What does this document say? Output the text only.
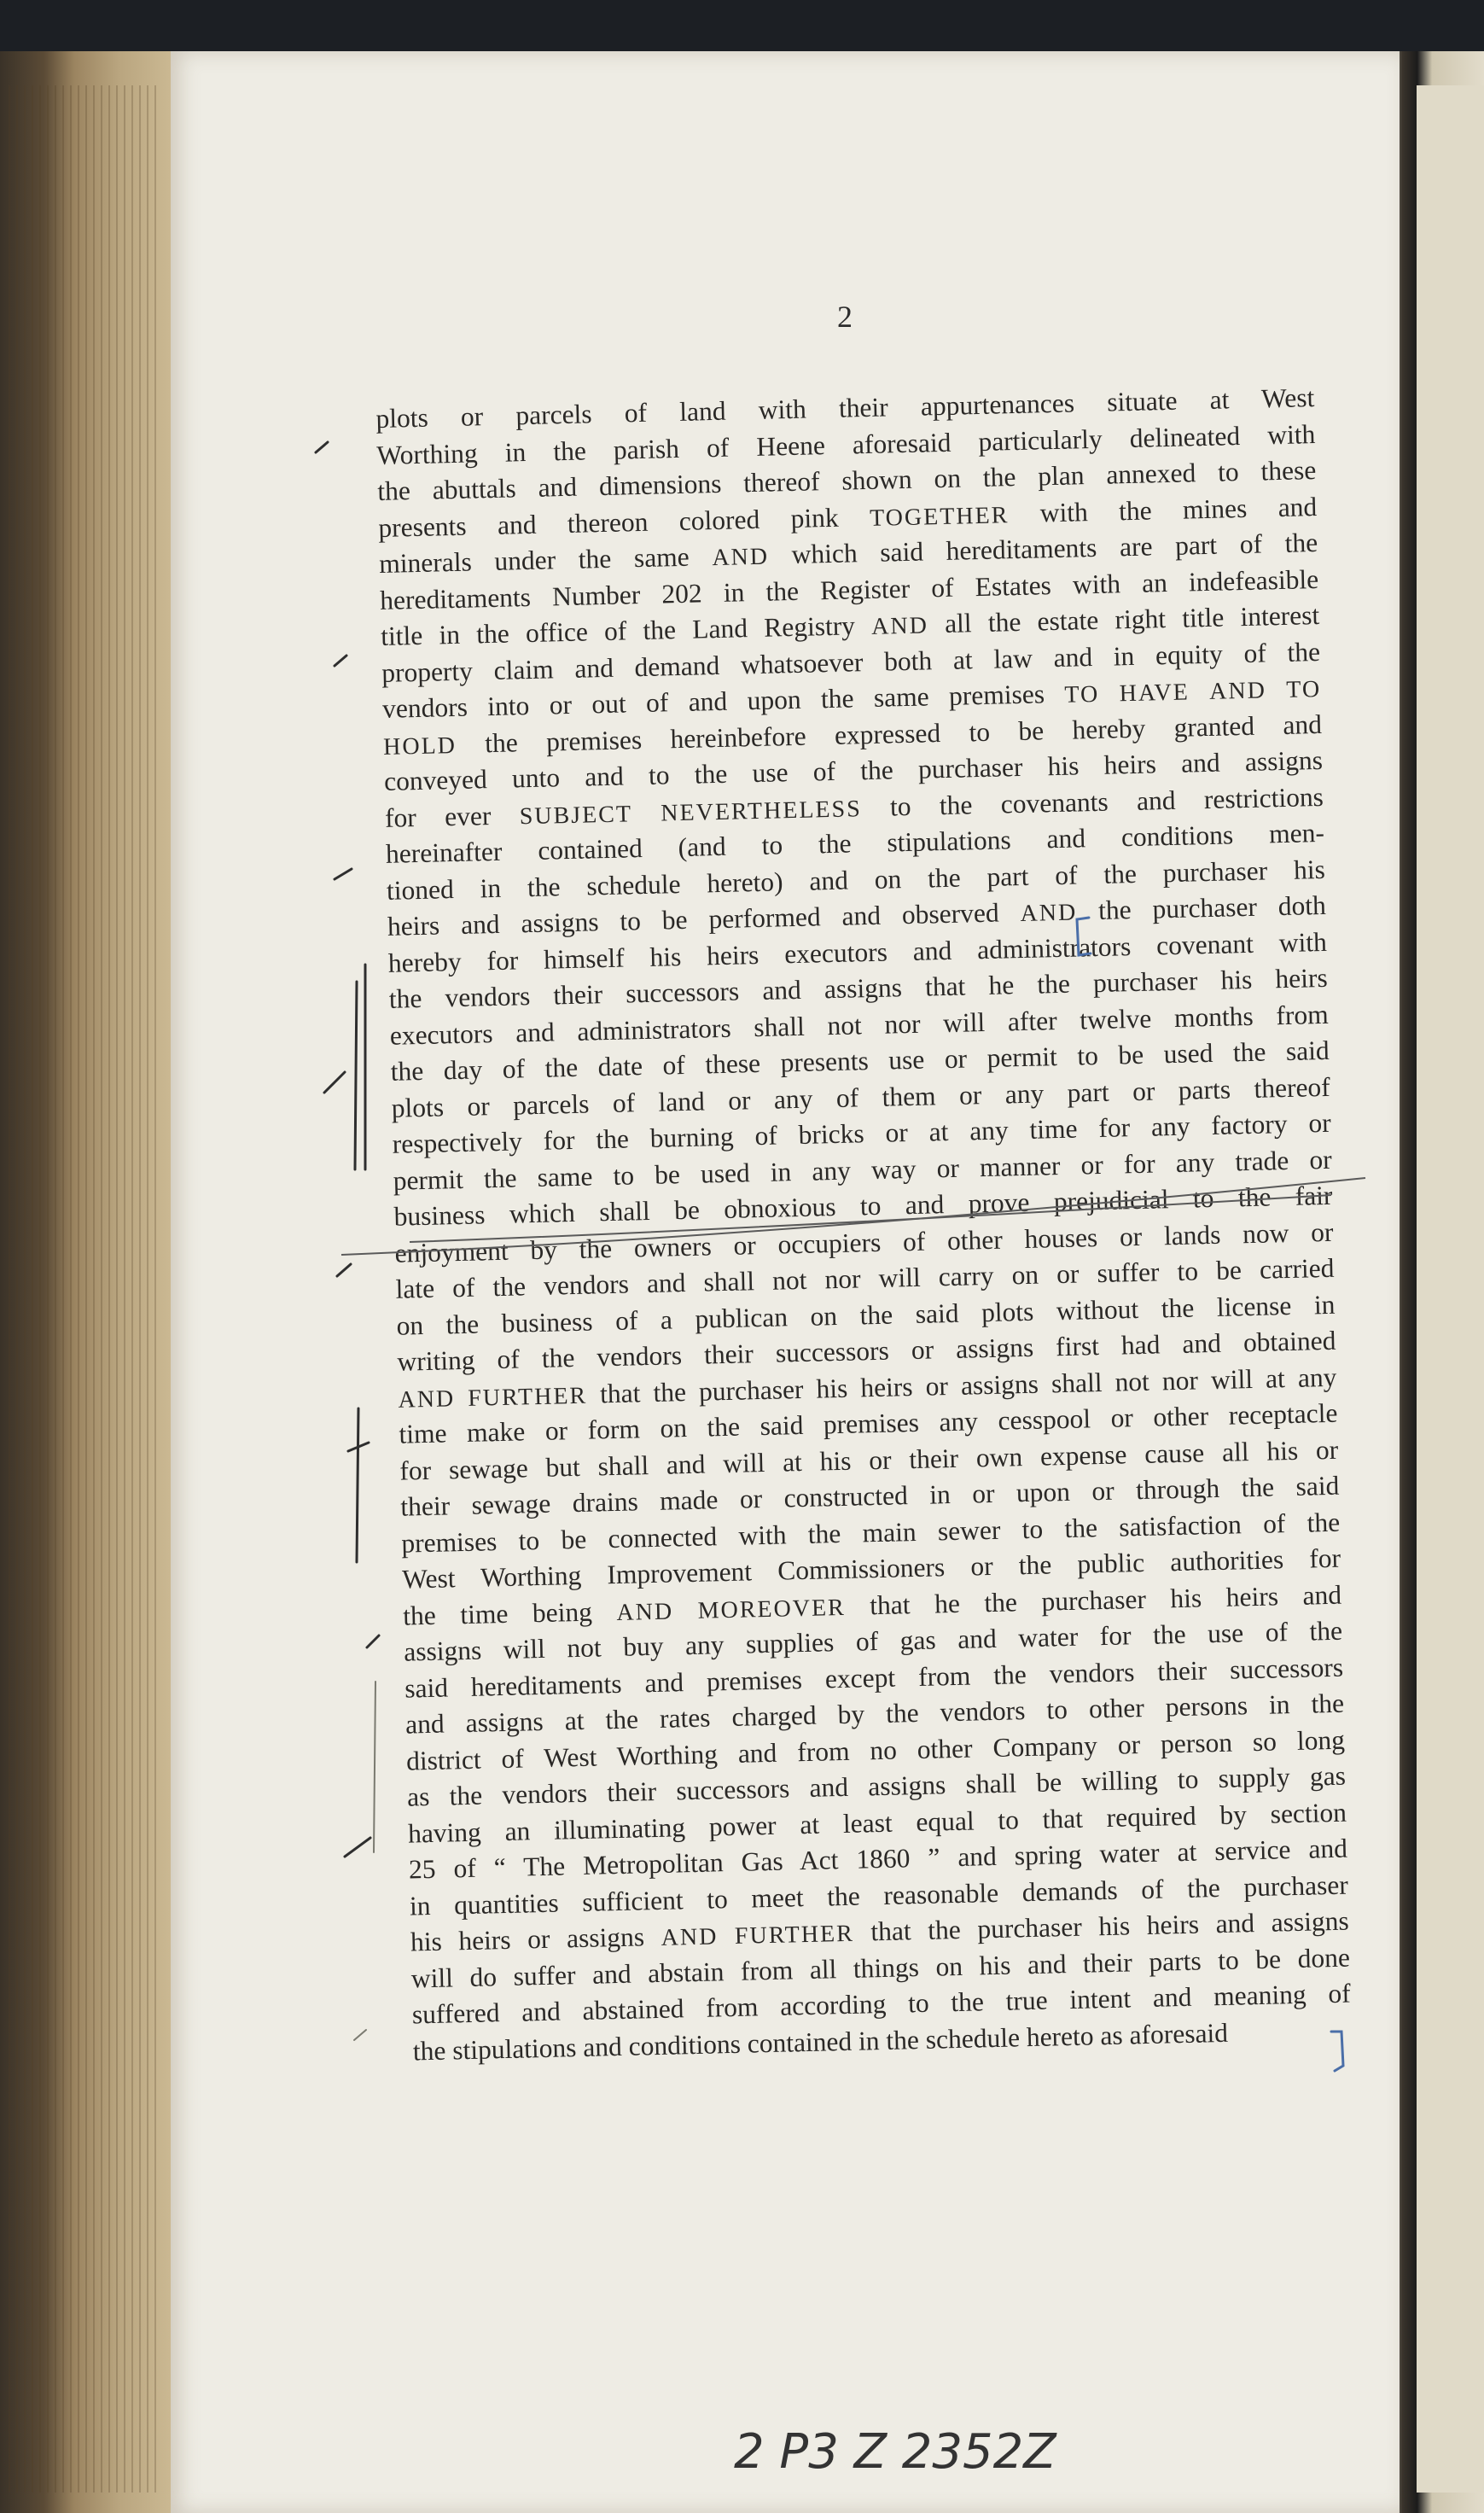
2
plots or parcels of land with their appurtenances situate at West
Worthing in the parish of Heene aforesaid particularly delineated with
the abuttals and dimensions thereof shown on the plan annexed to these
presents and thereon colored pink TOGETHER with the mines and
minerals under the same AND which said hereditaments are part of the
hereditaments Number 202 in the Register of Estates with an indefeasible
title in the office of the Land Registry AND all the estate right title interest
property claim and demand whatsoever both at law and in equity of the
vendors into or out of and upon the same premises TO HAVE AND TO
HOLD the premises hereinbefore expressed to be hereby granted and
conveyed unto and to the use of the purchaser his heirs and assigns
for ever SUBJECT NEVERTHELESS to the covenants and restrictions
hereinafter contained (and to the stipulations and conditions men-
tioned in the schedule hereto) and on the part of the purchaser his
heirs and assigns to be performed and observed AND the purchaser doth
hereby for himself his heirs executors and administrators covenant with
the vendors their successors and assigns that he the purchaser his heirs
executors and administrators shall not nor will after twelve months from
the day of the date of these presents use or permit to be used the said
plots or parcels of land or any of them or any part or parts thereof
respectively for the burning of bricks or at any time for any factory or
permit the same to be used in any way or manner or for any trade or
business which shall be obnoxious to and prove prejudicial to the fair
enjoyment by the owners or occupiers of other houses or lands now or
late of the vendors and shall not nor will carry on or suffer to be carried
on the business of a publican on the said plots without the license in
writing of the vendors their successors or assigns first had and obtained
AND FURTHER that the purchaser his heirs or assigns shall not nor will at any
time make or form on the said premises any cesspool or other receptacle
for sewage but shall and will at his or their own expense cause all his or
their sewage drains made or constructed in or upon or through the said
premises to be connected with the main sewer to the satisfaction of the
West Worthing Improvement Commissioners or the public authorities for
the time being AND MOREOVER that he the purchaser his heirs and
assigns will not buy any supplies of gas and water for the use of the
said hereditaments and premises except from the vendors their successors
and assigns at the rates charged by the vendors to other persons in the
district of West Worthing and from no other Company or person so long
as the vendors their successors and assigns shall be willing to supply gas
having an illuminating power at least equal to that required by section
25 of “ The Metropolitan Gas Act 1860 ” and spring water at service and
in quantities sufficient to meet the reasonable demands of the purchaser
his heirs or assigns AND FURTHER that the purchaser his heirs and assigns
will do suffer and abstain from all things on his and their parts to be done
suffered and abstained from according to the true intent and meaning of
the stipulations and conditions contained in the schedule hereto as aforesaid
2 P3 Z 2352Z
